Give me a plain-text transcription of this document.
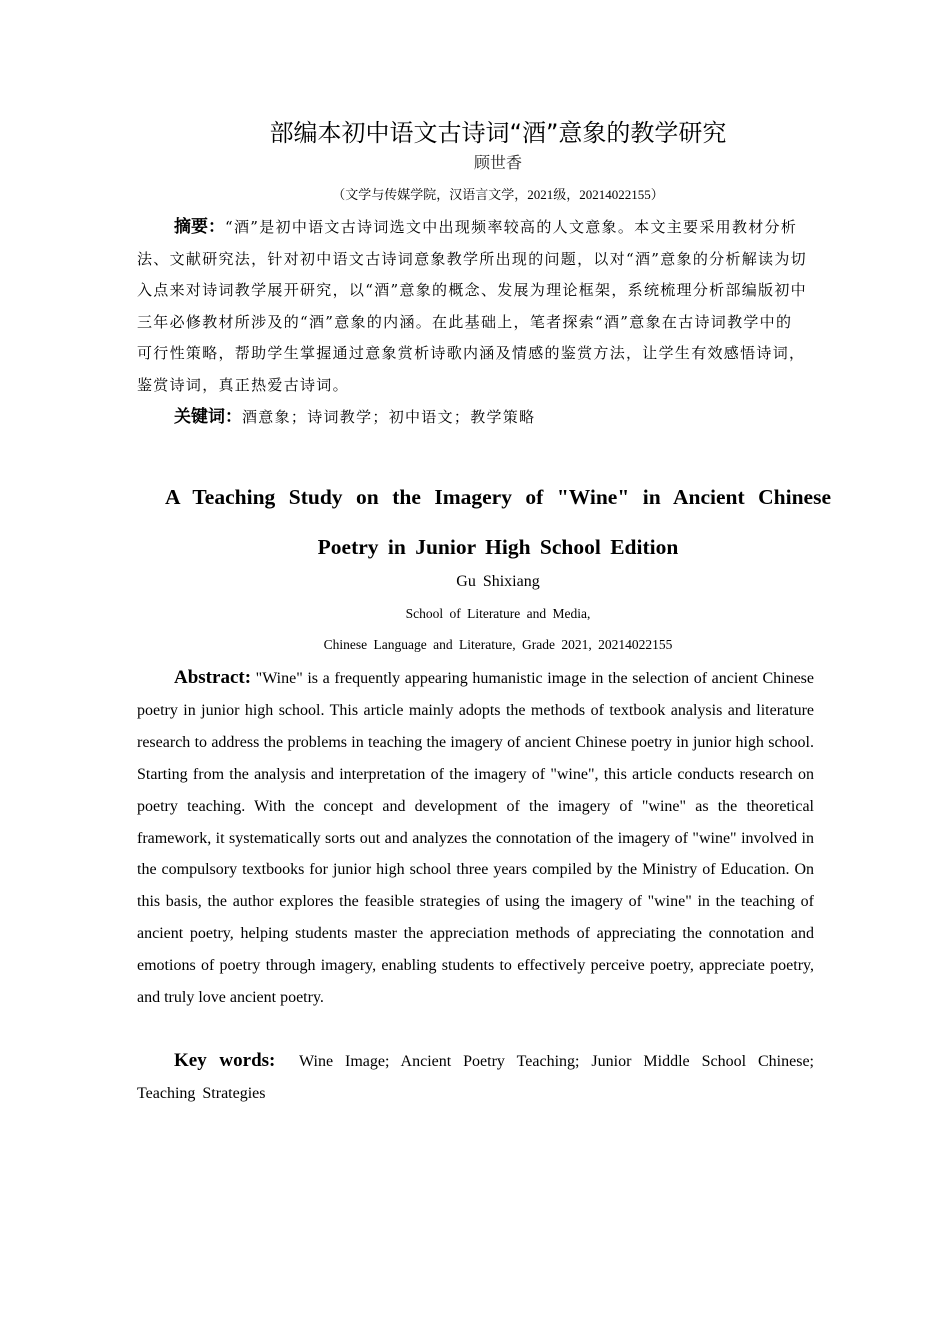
部编本初中语文古诗词“酒”意象的教学研究
顾世香
（文学与传媒学院，汉语言文学，2021级，20214022155）
摘要：“酒”是初中语文古诗词选文中出现频率较高的人文意象。本文主要采用教材分析法、文献研究法，针对初中语文古诗词意象教学所出现的问题，以对“酒”意象的分析解读为切入点来对诗词教学展开研究，以“酒”意象的概念、发展为理论框架，系统梳理分析部编版初中三年必修教材所涉及的“酒”意象的内涵。在此基础上，笔者探索“酒”意象在古诗词教学中的可行性策略，帮助学生掌握通过意象赏析诗歌内涵及情感的鉴赏方法，让学生有效感悟诗词，鉴赏诗词，真正热爱古诗词。
关键词：酒意象；诗词教学；初中语文；教学策略
A Teaching Study on the Imagery of "Wine" in Ancient Chinese Poetry in Junior High School Edition
Gu Shixiang
School of Literature and Media,
Chinese Language and Literature, Grade 2021, 20214022155
Abstract: "Wine" is a frequently appearing humanistic image in the selection of ancient Chinese poetry in junior high school. This article mainly adopts the methods of textbook analysis and literature research to address the problems in teaching the imagery of ancient Chinese poetry in junior high school. Starting from the analysis and interpretation of the imagery of "wine", this article conducts research on poetry teaching. With the concept and development of the imagery of "wine" as the theoretical framework, it systematically sorts out and analyzes the connotation of the imagery of "wine" involved in the compulsory textbooks for junior high school three years compiled by the Ministry of Education. On this basis, the author explores the feasible strategies of using the imagery of "wine" in the teaching of ancient poetry, helping students master the appreciation methods of appreciating the connotation and emotions of poetry through imagery, enabling students to effectively perceive poetry, appreciate poetry, and truly love ancient poetry.
Key words: Wine Image; Ancient Poetry Teaching; Junior Middle School Chinese; Teaching Strategies
